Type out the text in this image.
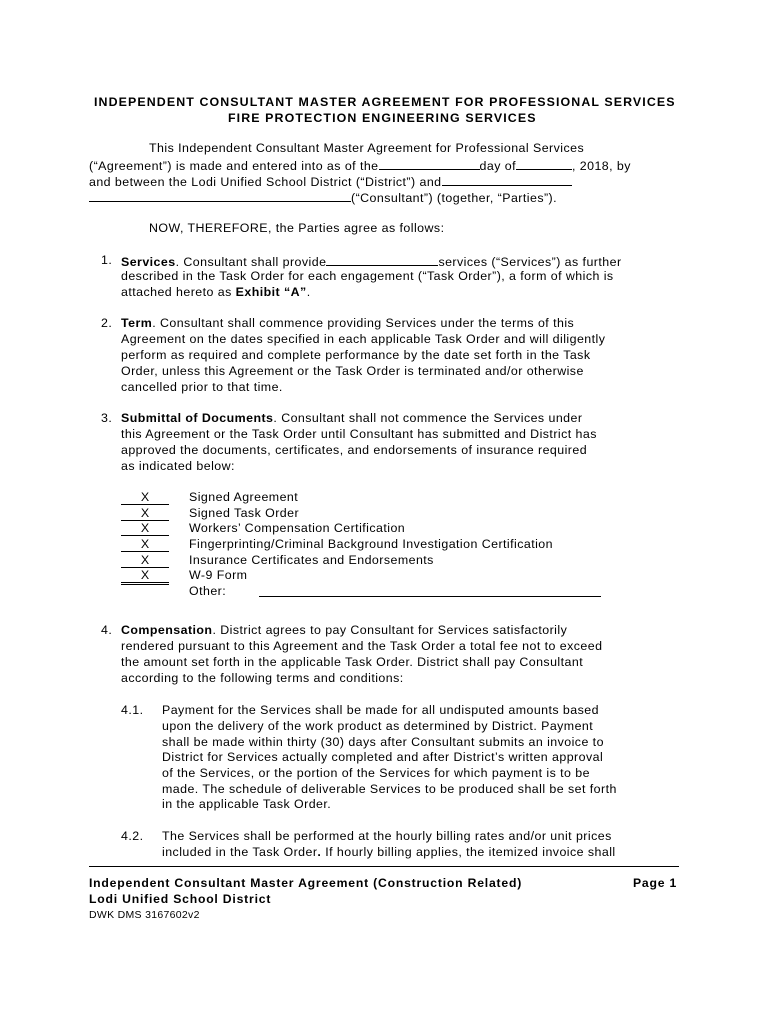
INDEPENDENT CONSULTANT MASTER AGREEMENT FOR PROFESSIONAL SERVICES
FIRE PROTECTION ENGINEERING SERVICES
This Independent Consultant Master Agreement for Professional Services
(“Agreement”) is made and entered into as of the	day of	, 2018, by
and between the Lodi Unified School District (“District”) and
(“Consultant”) (together, “Parties”).
NOW, THEREFORE, the Parties agree as follows:
1. Services. Consultant shall provide	services (“Services”) as further
described in the Task Order for each engagement (“Task Order”), a form of which is
attached hereto as Exhibit “A”.
2. Term. Consultant shall commence providing Services under the terms of this
Agreement on the dates specified in each applicable Task Order and will diligently
perform as required and complete performance by the date set forth in the Task
Order, unless this Agreement or the Task Order is terminated and/or otherwise
cancelled prior to that time.
3. Submittal of Documents. Consultant shall not commence the Services under
this Agreement or the Task Order until Consultant has submitted and District has
approved the documents, certificates, and endorsements of insurance required
as indicated below:
X	Signed Agreement
X	Signed Task Order
X	Workers’ Compensation Certification
X	Fingerprinting/Criminal Background Investigation Certification
X	Insurance Certificates and Endorsements
X	W-9 Form
Other:
4. Compensation. District agrees to pay Consultant for Services satisfactorily
rendered pursuant to this Agreement and the Task Order a total fee not to exceed
the amount set forth in the applicable Task Order. District shall pay Consultant
according to the following terms and conditions:
4.1. Payment for the Services shall be made for all undisputed amounts based
upon the delivery of the work product as determined by District. Payment
shall be made within thirty (30) days after Consultant submits an invoice to
District for Services actually completed and after District’s written approval
of the Services, or the portion of the Services for which payment is to be
made. The schedule of deliverable Services to be produced shall be set forth
in the applicable Task Order.
4.2. The Services shall be performed at the hourly billing rates and/or unit prices
included in the Task Order. If hourly billing applies, the itemized invoice shall
Independent Consultant Master Agreement (Construction Related)	Page 1
Lodi Unified School District
DWK DMS 3167602v2
